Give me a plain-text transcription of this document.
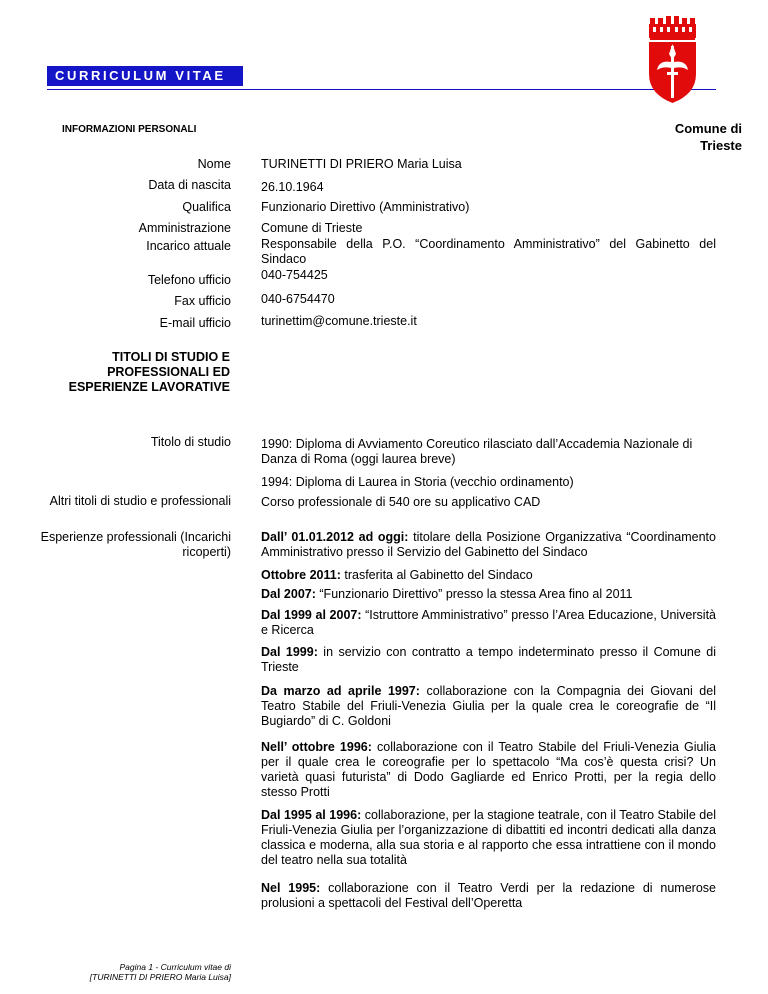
CURRICULUM VITAE
Comune di
Trieste
INFORMAZIONI PERSONALI
Nome TURINETTI DI PRIERO Maria Luisa
Data di nascita 26.10.1964
Qualifica Funzionario Direttivo (Amministrativo)
Amministrazione Comune di Trieste
Incarico attuale Responsabile della P.O. “Coordinamento Amministrativo” del Gabinetto del Sindaco
Telefono ufficio 040-754425
Fax ufficio 040-6754470
E-mail ufficio turinettim@comune.trieste.it
TITOLI DI STUDIO E PROFESSIONALI ED ESPERIENZE LAVORATIVE
Titolo di studio 1990: Diploma di Avviamento Coreutico rilasciato dall’Accademia Nazionale di Danza di Roma (oggi laurea breve)
1994: Diploma di Laurea in Storia (vecchio ordinamento)
Altri titoli di studio e professionali Corso professionale di 540 ore su applicativo CAD
Esperienze professionali (Incarichi ricoperti)
Dall’ 01.01.2012 ad oggi: titolare della Posizione Organizzativa “Coordinamento Amministrativo presso il Servizio del Gabinetto del Sindaco
Ottobre 2011: trasferita al Gabinetto del Sindaco
Dal 2007: “Funzionario Direttivo” presso la stessa Area fino al 2011
Dal 1999 al 2007: “Istruttore Amministrativo” presso l’Area Educazione, Università e Ricerca
Dal 1999: in servizio con contratto a tempo indeterminato presso il Comune di Trieste
Da marzo ad aprile 1997: collaborazione con la Compagnia dei Giovani del Teatro Stabile del Friuli-Venezia Giulia per la quale crea le coreografie de “Il Bugiardo” di C. Goldoni
Nell’ ottobre 1996: collaborazione con il Teatro Stabile del Friuli-Venezia Giulia per il quale crea le coreografie per lo spettacolo “Ma cos’è questa crisi? Un varietà quasi futurista” di Dodo Gagliarde ed Enrico Protti, per la regia dello stesso Protti
Dal 1995 al 1996: collaborazione, per la stagione teatrale, con il Teatro Stabile del Friuli-Venezia Giulia per l’organizzazione di dibattiti ed incontri dedicati alla danza classica e moderna, alla sua storia e al rapporto che essa intrattiene con il mondo del teatro nella sua totalità
Nel 1995: collaborazione con il Teatro Verdi per la redazione di numerose prolusioni a spettacoli del Festival dell’Operetta
Pagina 1 - Curriculum vitae di
[TURINETTI DI PRIERO Maria Luisa]
